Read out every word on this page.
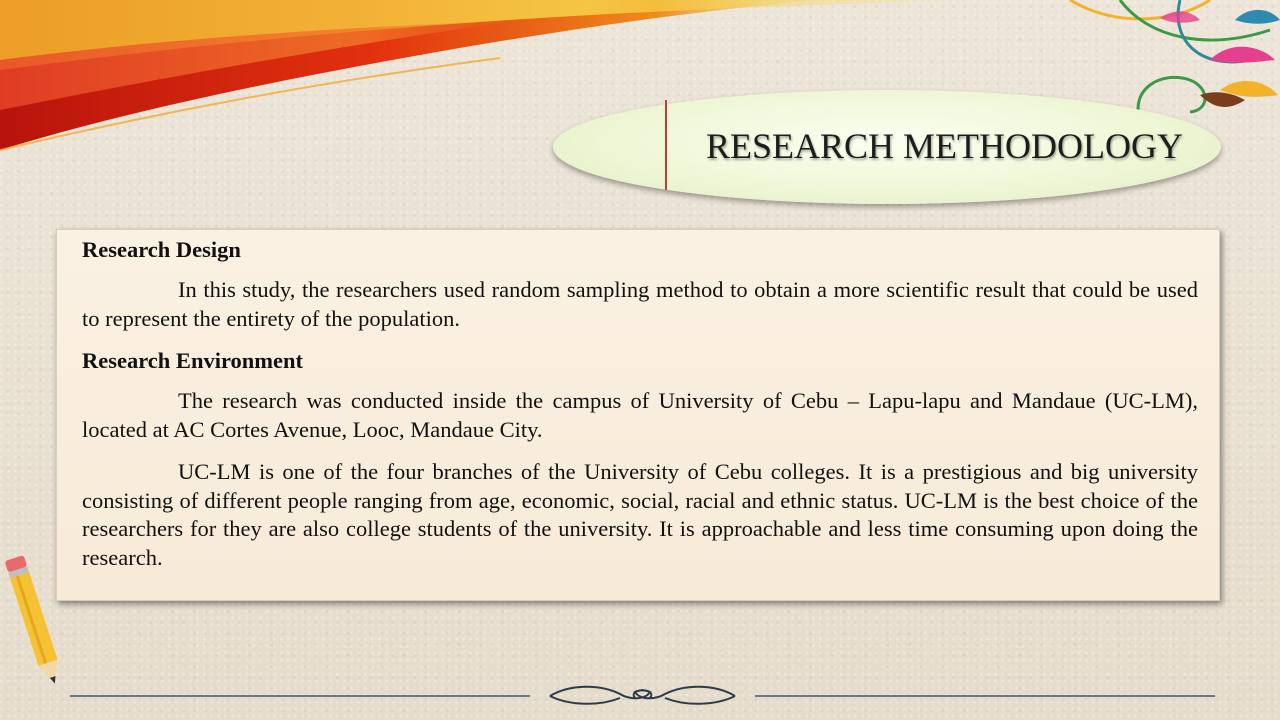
RESEARCH METHODOLOGY
Research Design

In this study, the researchers used random sampling method to obtain a more scientific result that could be used to represent the entirety of the population.

Research Environment

The research was conducted inside the campus of University of Cebu – Lapu-lapu and Mandaue (UC-LM), located at AC Cortes Avenue, Looc, Mandaue City.

UC-LM is one of the four branches of the University of Cebu colleges. It is a prestigious and big university consisting of different people ranging from age, economic, social, racial and ethnic status. UC-LM is the best choice of the researchers for they are also college students of the university. It is approachable and less time consuming upon doing the research.
